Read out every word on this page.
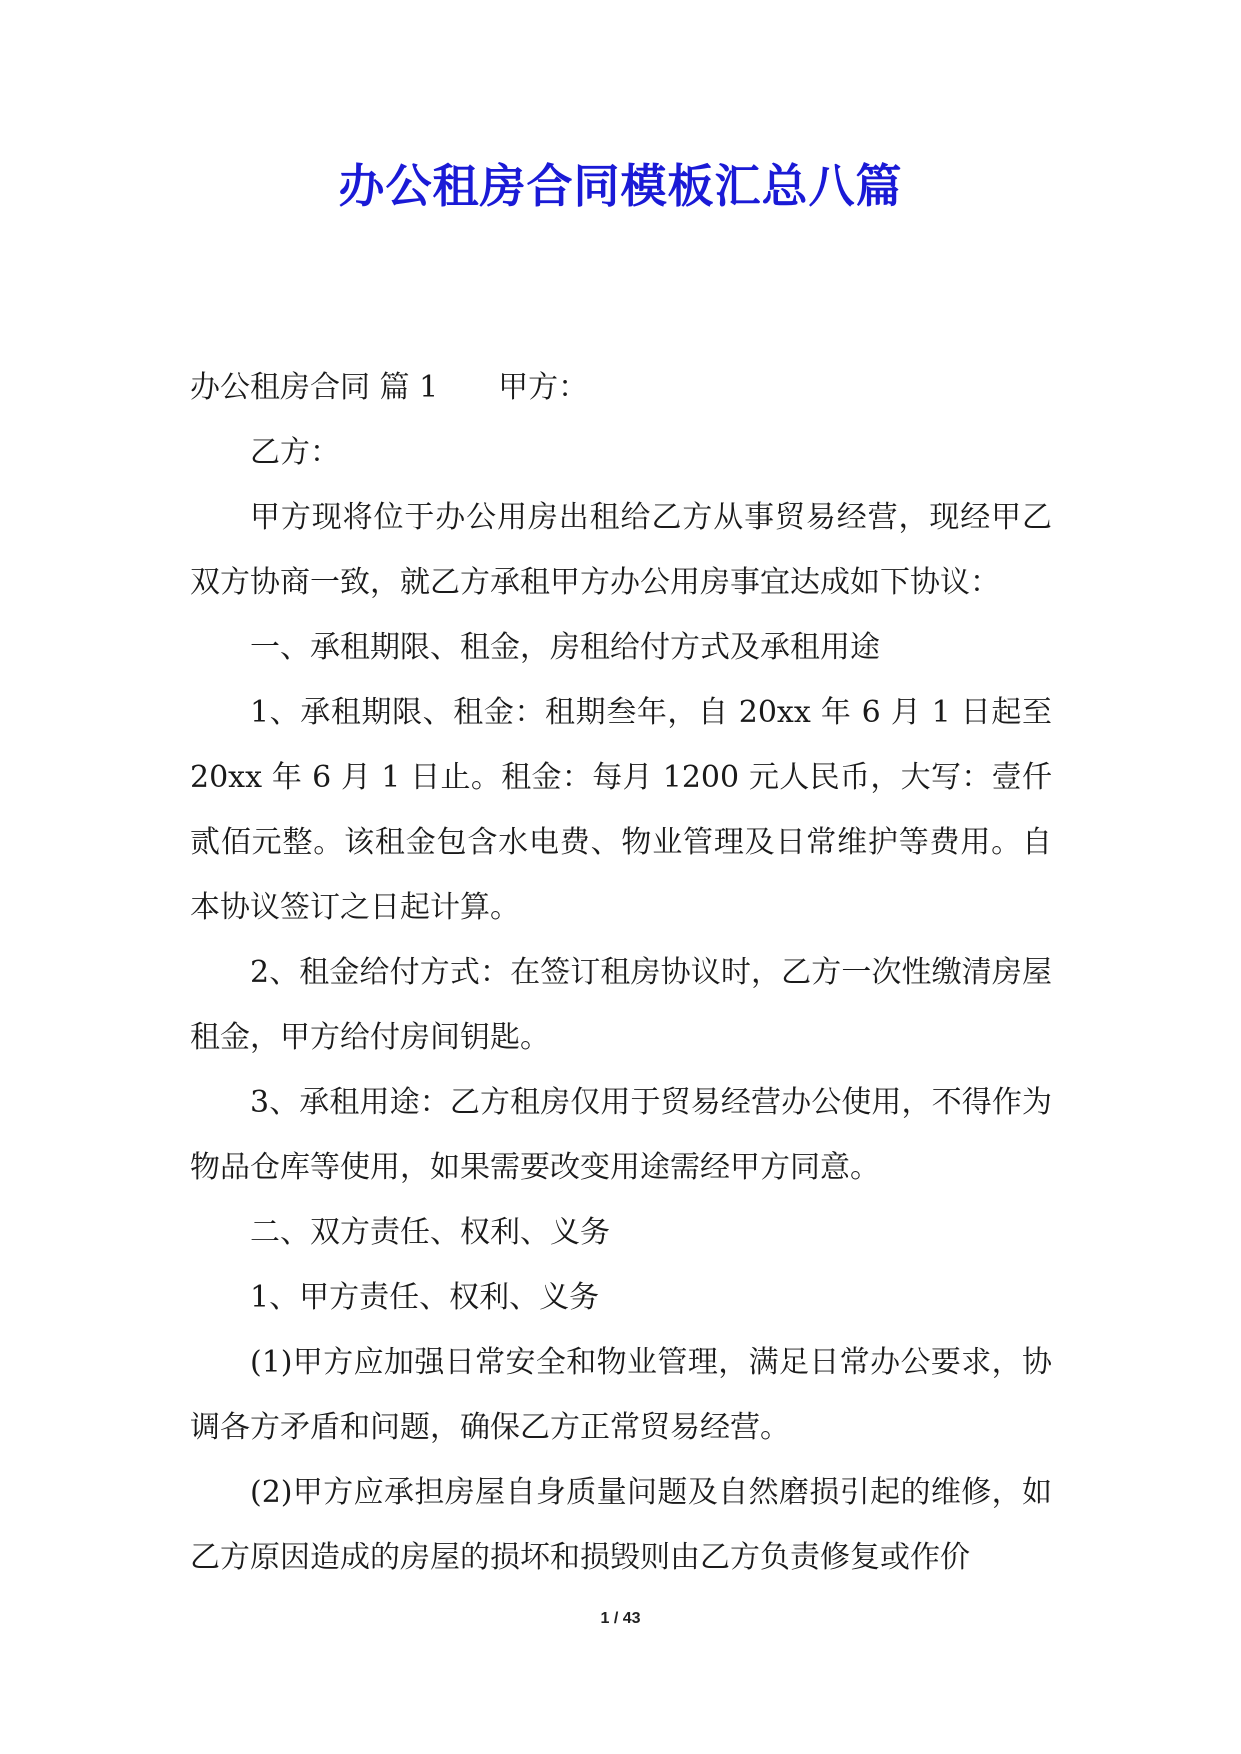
办公租房合同模板汇总八篇

办公租房合同 篇 1 甲方：

乙方：

甲方现将位于办公用房出租给乙方从事贸易经营，现经甲乙双方协商一致，就乙方承租甲方办公用房事宜达成如下协议：

一、承租期限、租金，房租给付方式及承租用途

1、承租期限、租金：租期叁年，自 20xx 年 6 月 1 日起至 20xx 年 6 月 1 日止。租金：每月 1200 元人民币，大写：壹仟贰佰元整。该租金包含水电费、物业管理及日常维护等费用。自本协议签订之日起计算。

2、租金给付方式：在签订租房协议时，乙方一次性缴清房屋租金，甲方给付房间钥匙。

3、承租用途：乙方租房仅用于贸易经营办公使用，不得作为物品仓库等使用，如果需要改变用途需经甲方同意。

二、双方责任、权利、义务

1、甲方责任、权利、义务

(1)甲方应加强日常安全和物业管理，满足日常办公要求，协调各方矛盾和问题，确保乙方正常贸易经营。

(2)甲方应承担房屋自身质量问题及自然磨损引起的维修，如乙方原因造成的房屋的损坏和损毁则由乙方负责修复或作价

1 / 43
